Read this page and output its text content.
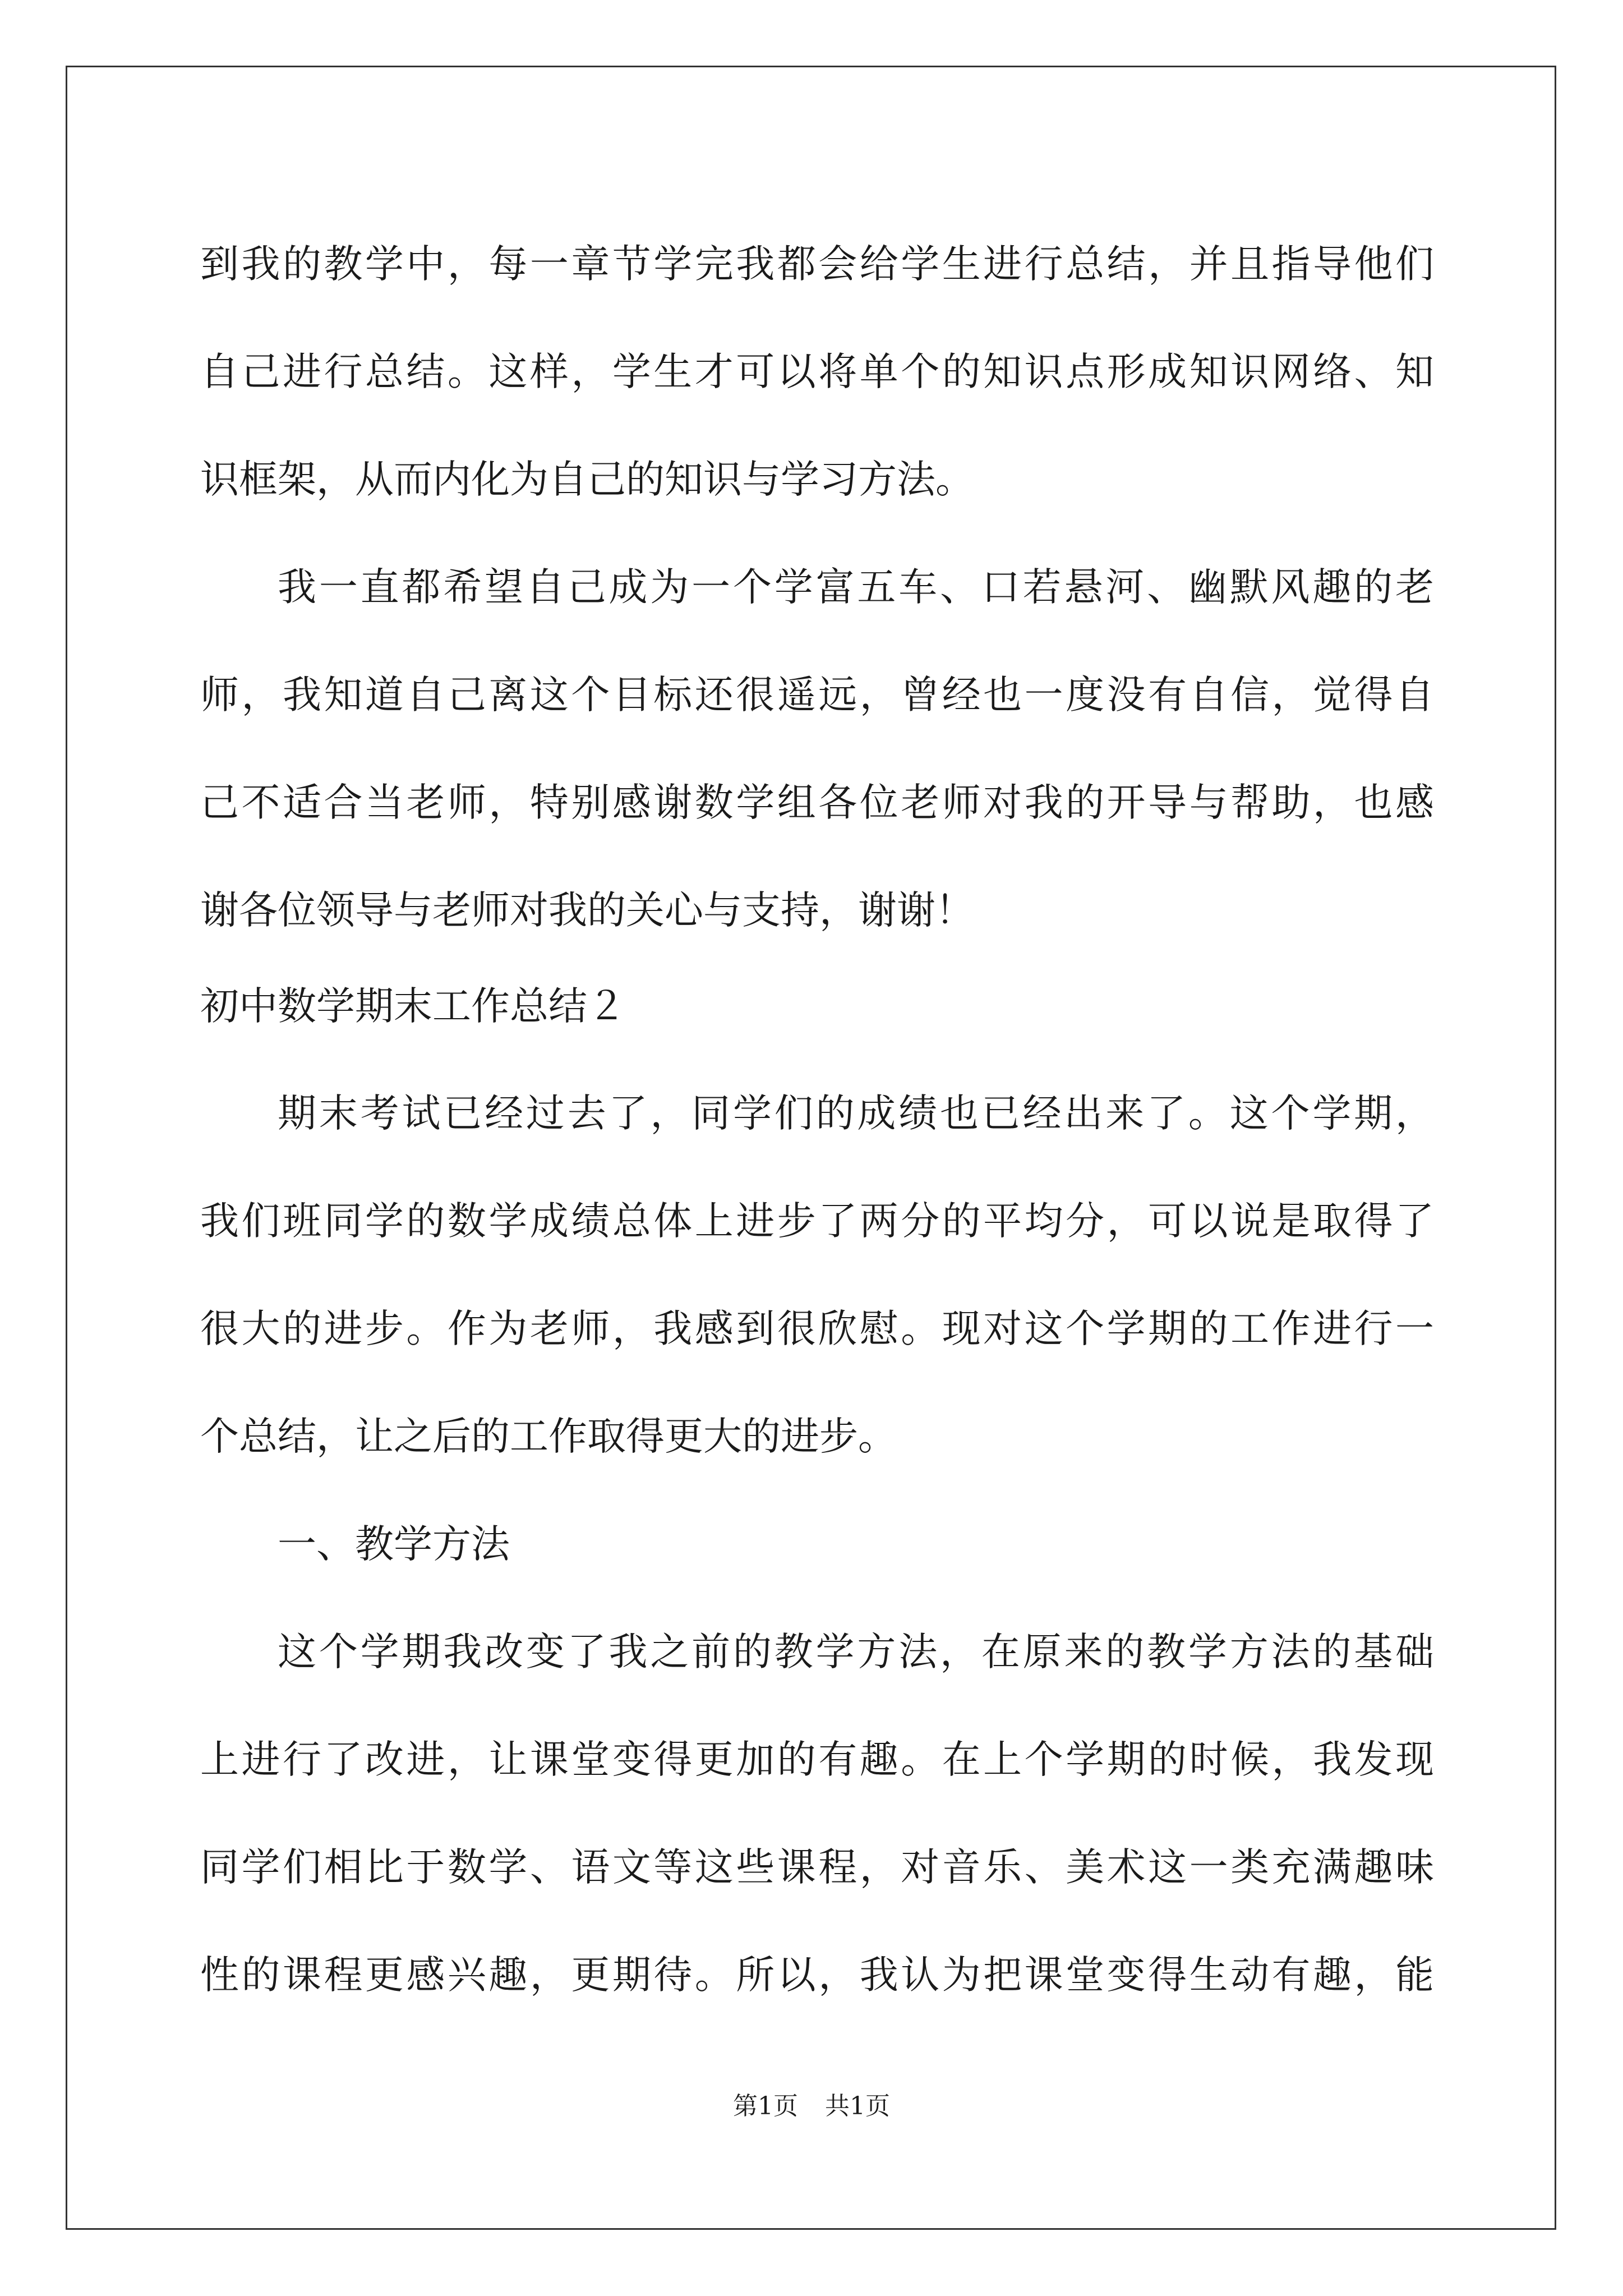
到我的教学中，每一章节学完我都会给学生进行总结，并且指导他们
自己进行总结。这样，学生才可以将单个的知识点形成知识网络、知
识框架，从而内化为自己的知识与学习方法。
我一直都希望自己成为一个学富五车、口若悬河、幽默风趣的老
师，我知道自己离这个目标还很遥远，曾经也一度没有自信，觉得自
己不适合当老师，特别感谢数学组各位老师对我的开导与帮助，也感
谢各位领导与老师对我的关心与支持，谢谢！
初中数学期末工作总结２
期末考试已经过去了，同学们的成绩也已经出来了。这个学期，
我们班同学的数学成绩总体上进步了两分的平均分，可以说是取得了
很大的进步。作为老师，我感到很欣慰。现对这个学期的工作进行一
个总结，让之后的工作取得更大的进步。
一、教学方法
这个学期我改变了我之前的教学方法，在原来的教学方法的基础
上进行了改进，让课堂变得更加的有趣。在上个学期的时候，我发现
同学们相比于数学、语文等这些课程，对音乐、美术这一类充满趣味
性的课程更感兴趣，更期待。所以，我认为把课堂变得生动有趣，能
第1页 共1页
